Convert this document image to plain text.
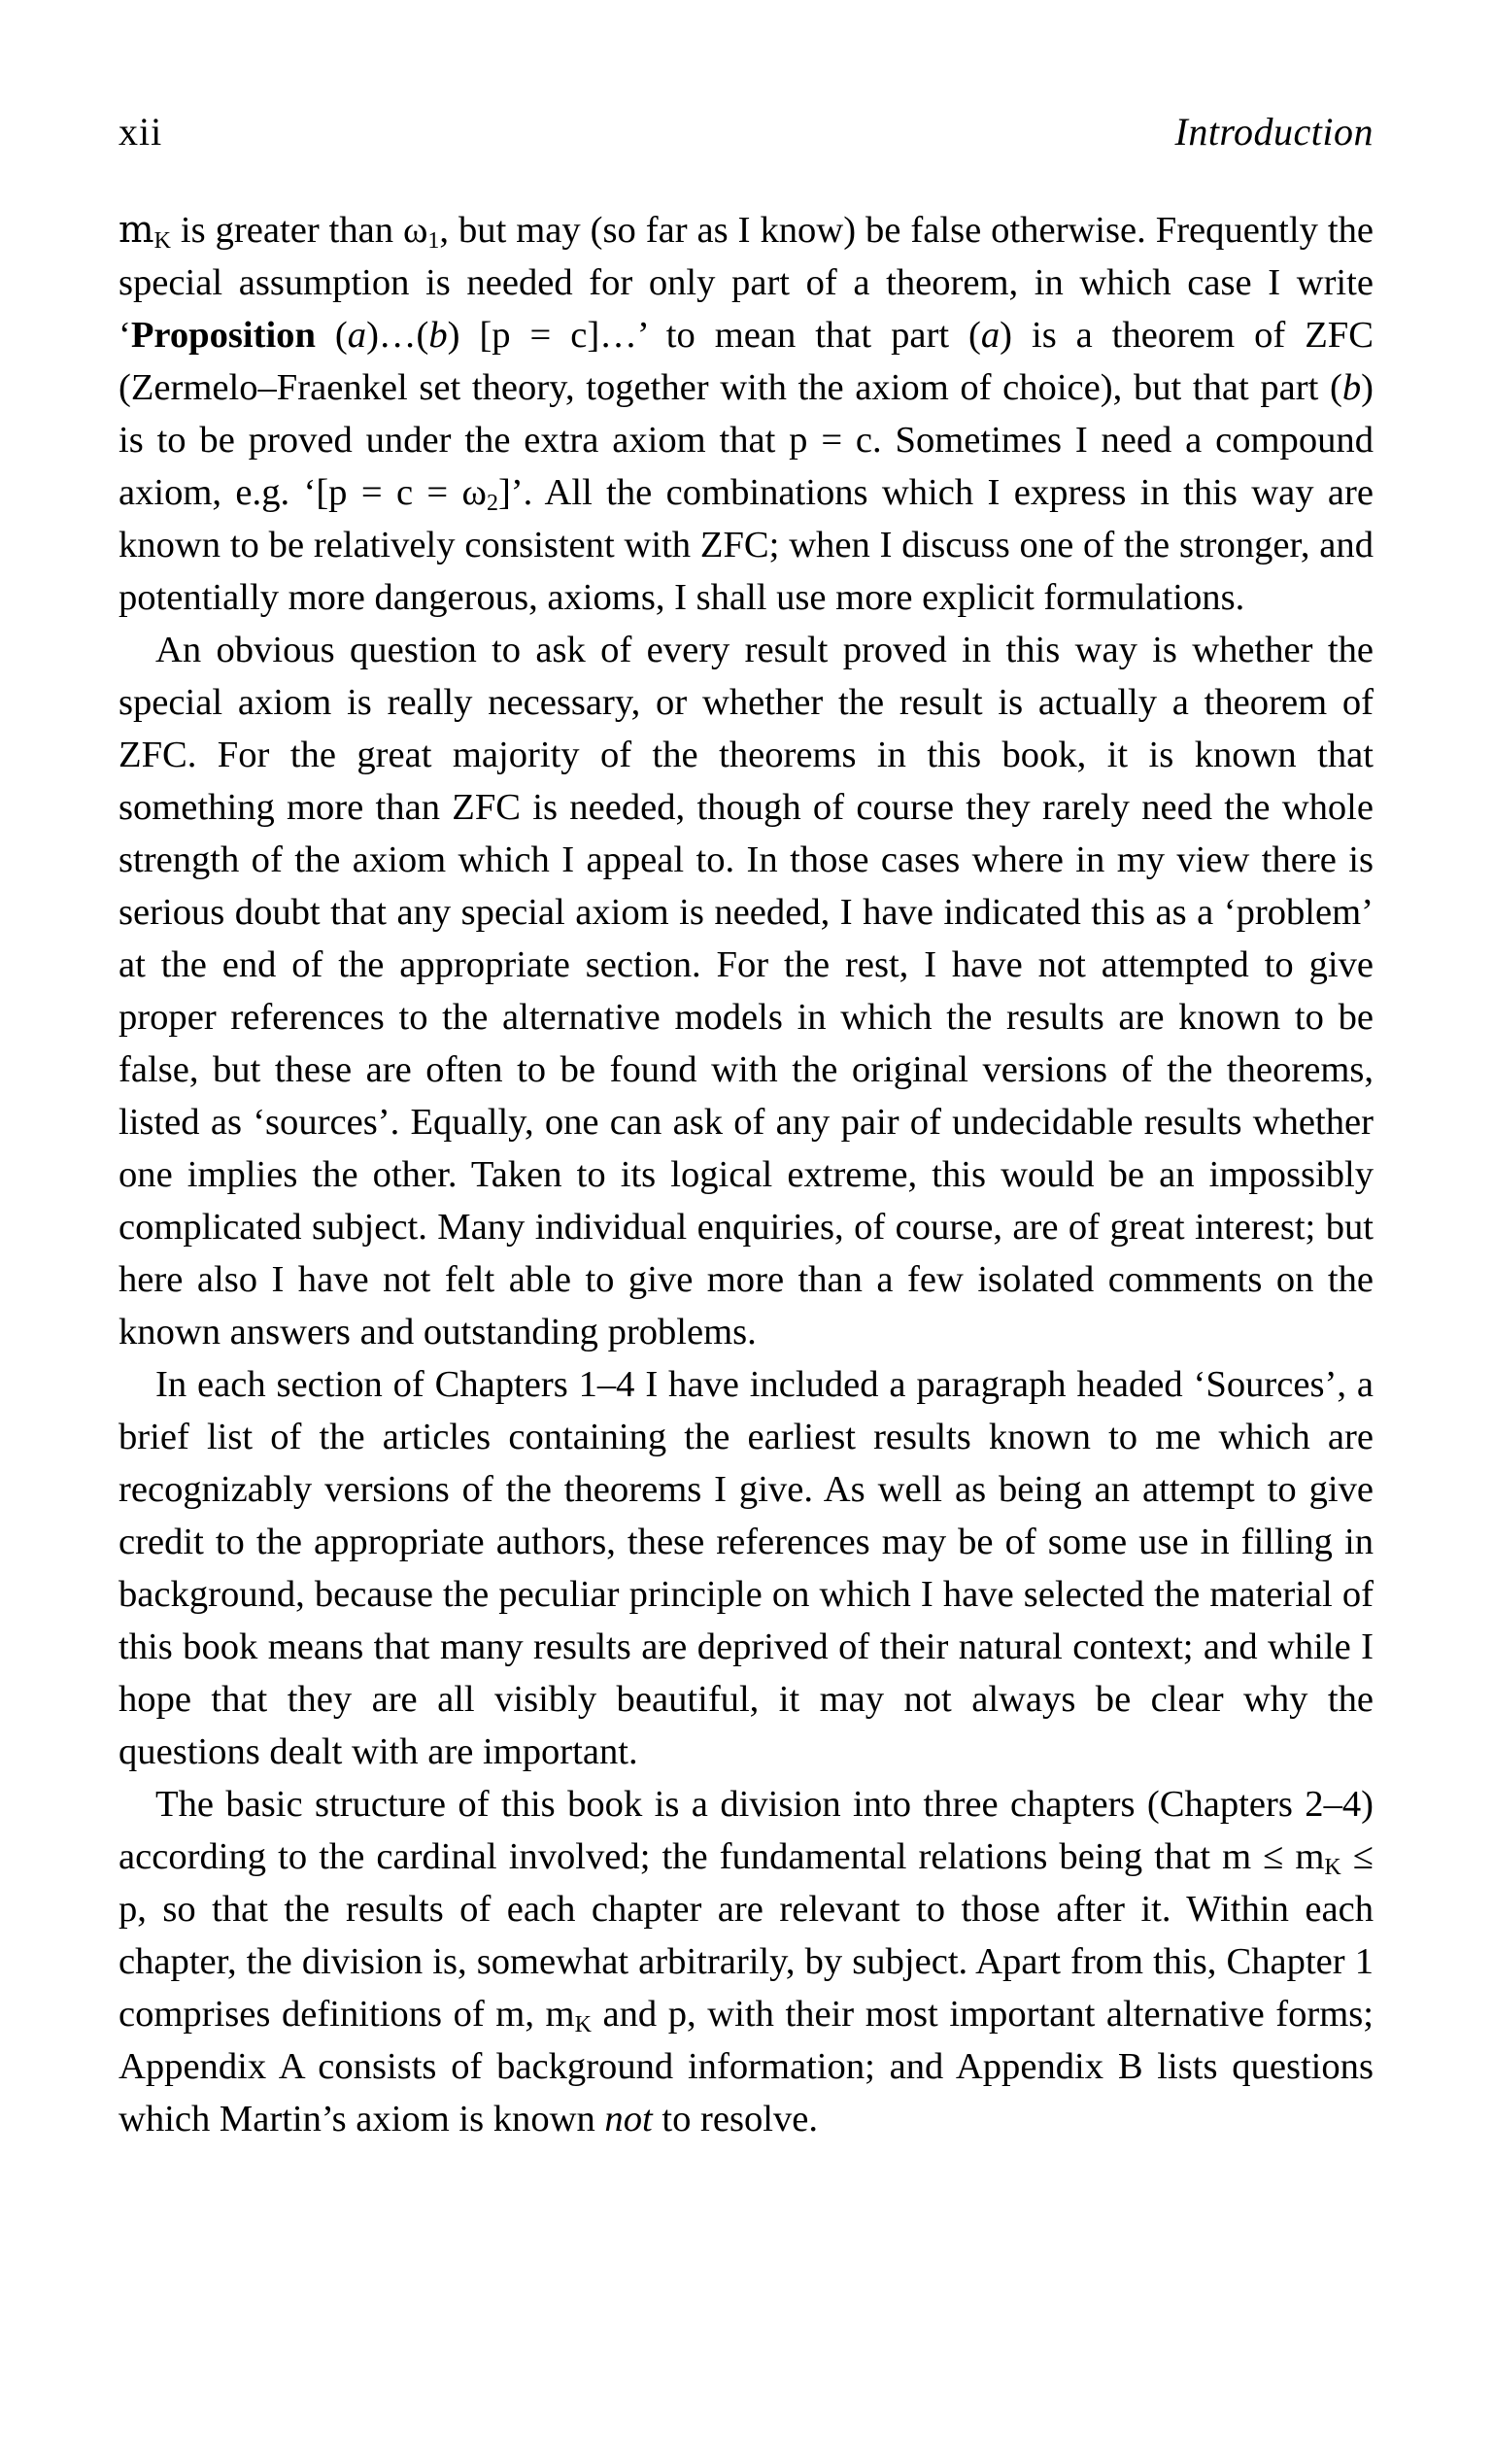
xii	Introduction

$m_K$ is greater than $\omega_1$, but may (so far as I know) be false otherwise. Frequently the special assumption is needed for only part of a theorem, in which case I write ‘Proposition (a)…(b) [p = c]…’ to mean that part (a) is a theorem of ZFC (Zermelo–Fraenkel set theory, together with the axiom of choice), but that part (b) is to be proved under the extra axiom that p = c. Sometimes I need a compound axiom, e.g. ‘$[p = c = \omega_2]$’. All the combinations which I express in this way are known to be relatively consistent with ZFC; when I discuss one of the stronger, and potentially more dangerous, axioms, I shall use more explicit formulations.

An obvious question to ask of every result proved in this way is whether the special axiom is really necessary, or whether the result is actually a theorem of ZFC. For the great majority of the theorems in this book, it is known that something more than ZFC is needed, though of course they rarely need the whole strength of the axiom which I appeal to. In those cases where in my view there is serious doubt that any special axiom is needed, I have indicated this as a ‘problem’ at the end of the appropriate section. For the rest, I have not attempted to give proper references to the alternative models in which the results are known to be false, but these are often to be found with the original versions of the theorems, listed as ‘sources’. Equally, one can ask of any pair of undecidable results whether one implies the other. Taken to its logical extreme, this would be an impossibly complicated subject. Many individual enquiries, of course, are of great interest; but here also I have not felt able to give more than a few isolated comments on the known answers and outstanding problems.

In each section of Chapters 1–4 I have included a paragraph headed ‘Sources’, a brief list of the articles containing the earliest results known to me which are recognizably versions of the theorems I give. As well as being an attempt to give credit to the appropriate authors, these references may be of some use in filling in background, because the peculiar principle on which I have selected the material of this book means that many results are deprived of their natural context; and while I hope that they are all visibly beautiful, it may not always be clear why the questions dealt with are important.

The basic structure of this book is a division into three chapters (Chapters 2–4) according to the cardinal involved; the fundamental relations being that $m \le m_K \le p$, so that the results of each chapter are relevant to those after it. Within each chapter, the division is, somewhat arbitrarily, by subject. Apart from this, Chapter 1 comprises definitions of m, $m_K$ and p, with their most important alternative forms; Appendix A consists of background information; and Appendix B lists questions which Martin’s axiom is known not to resolve.
